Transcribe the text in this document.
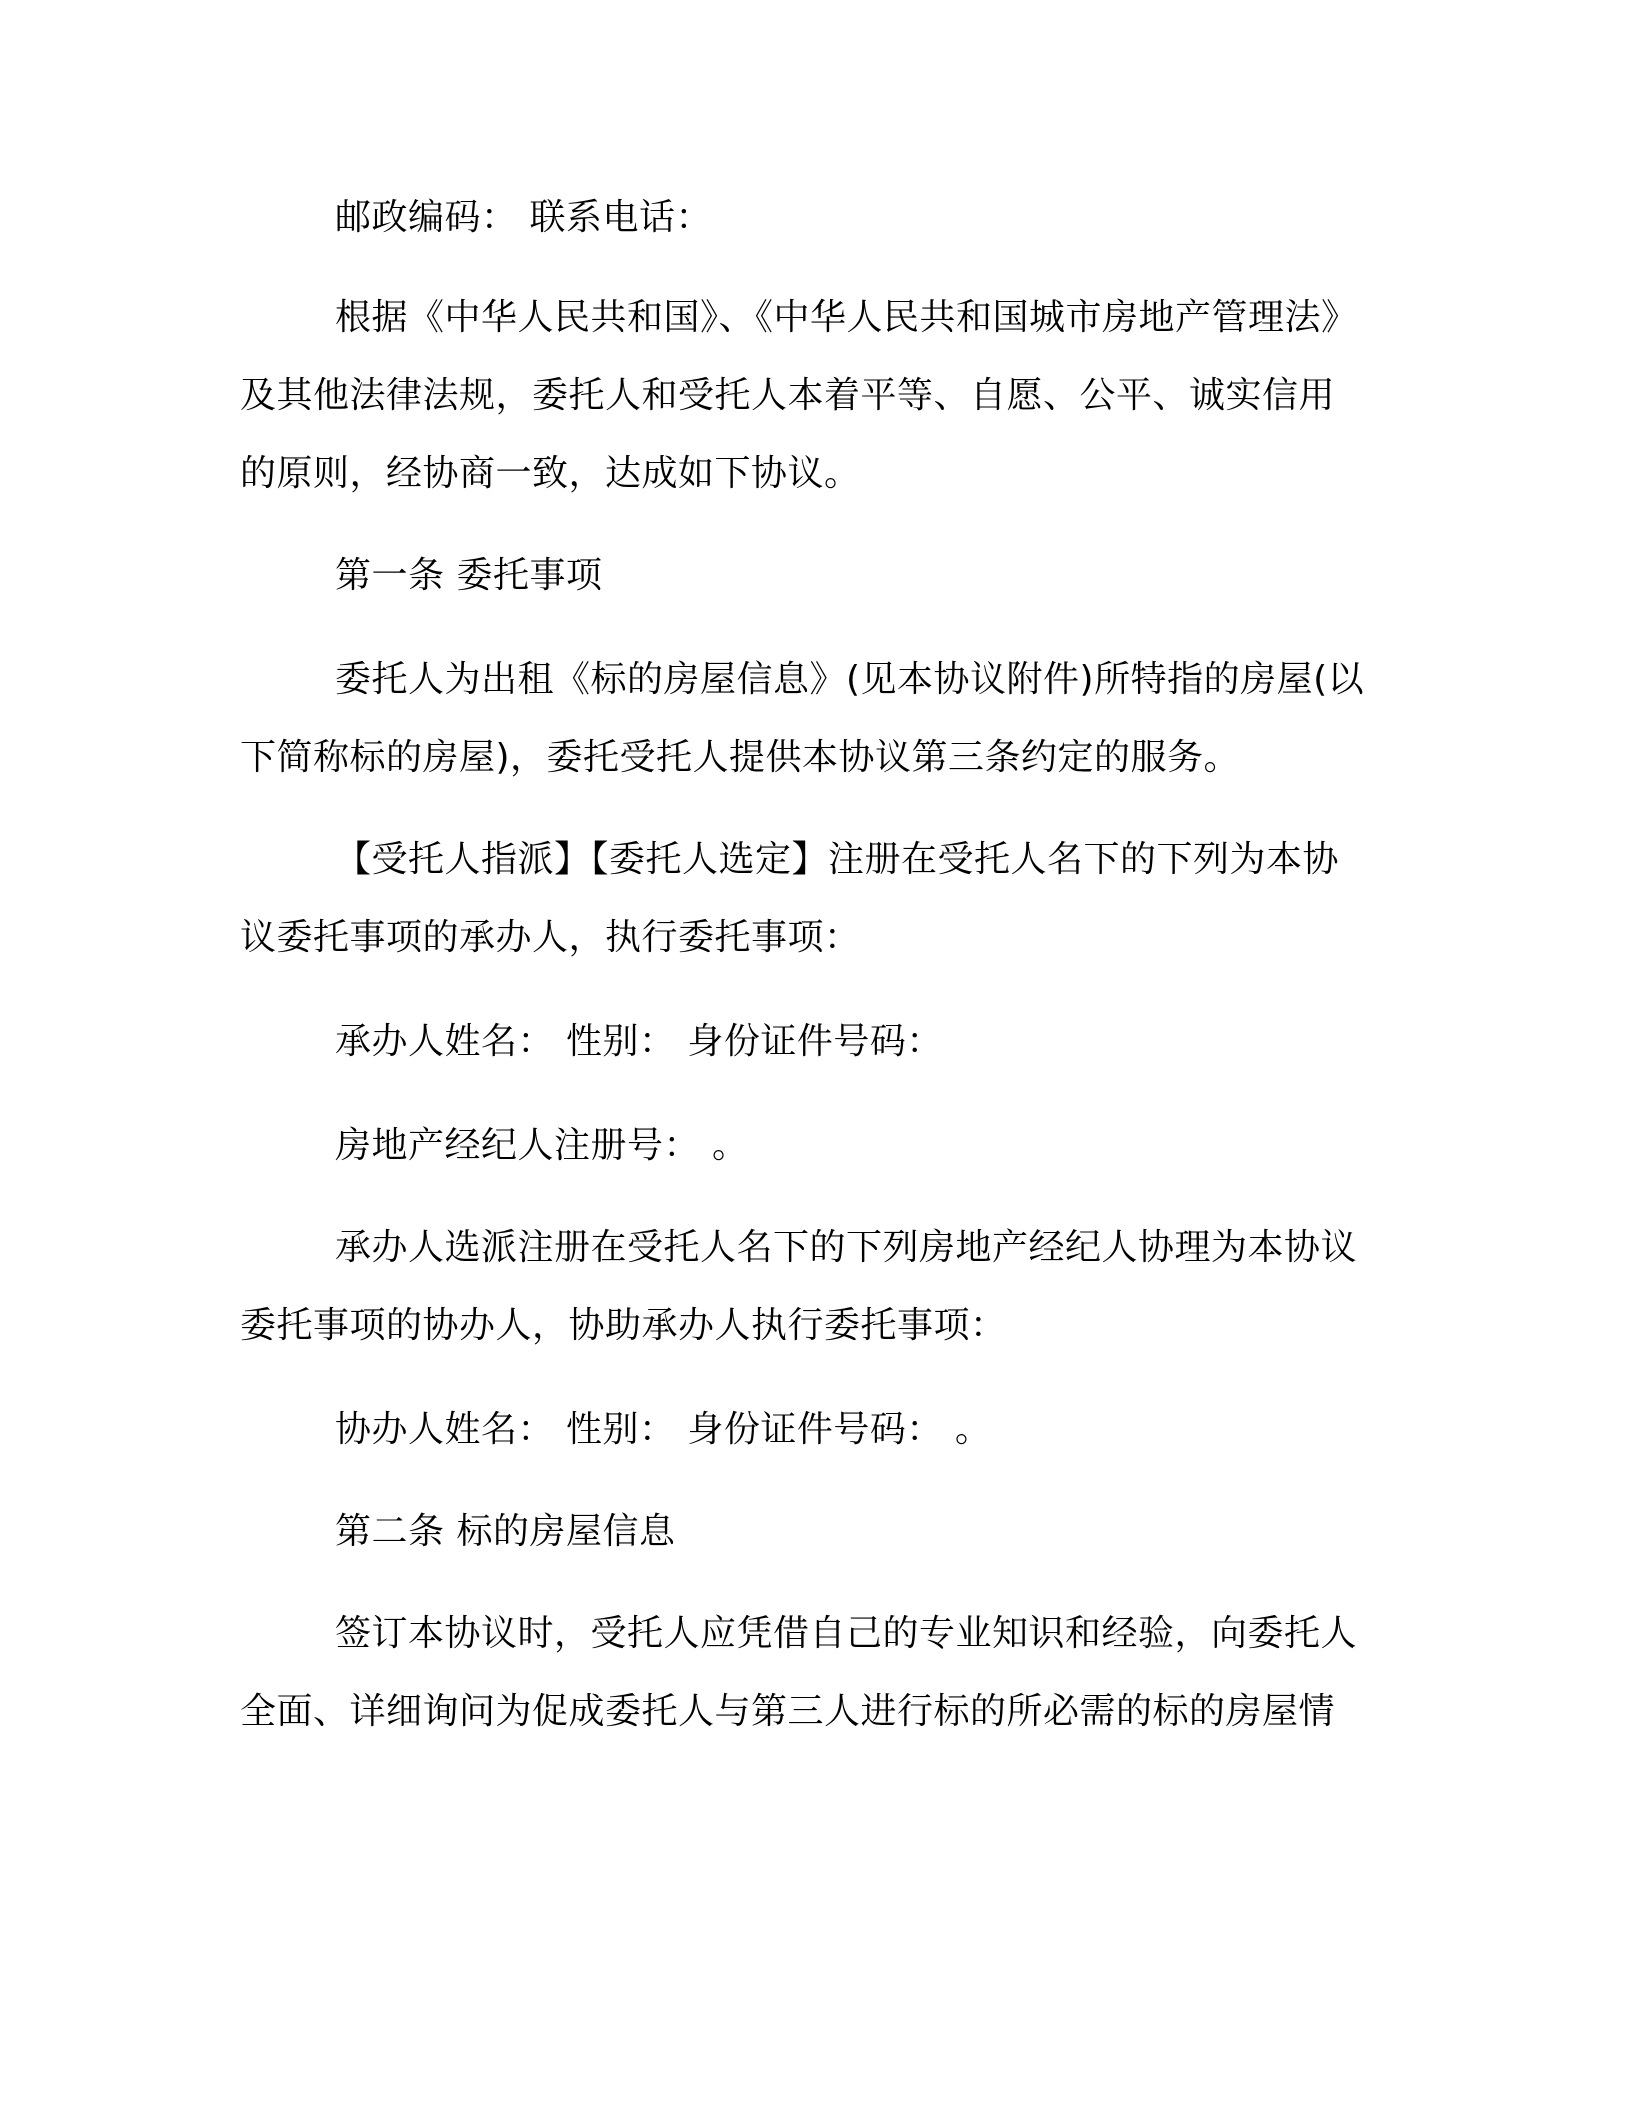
邮政编码： 联系电话：
根据《中华人民共和国》、《中华人民共和国城市房地产管理法》
及其他法律法规，委托人和受托人本着平等、自愿、公平、诚实信用
的原则，经协商一致，达成如下协议。
第一条 委托事项
委托人为出租《标的房屋信息》(见本协议附件)所特指的房屋(以
下简称标的房屋)，委托受托人提供本协议第三条约定的服务。
【受托人指派】【委托人选定】注册在受托人名下的下列为本协
议委托事项的承办人，执行委托事项：
承办人姓名： 性别： 身份证件号码：
房地产经纪人注册号： 。
承办人选派注册在受托人名下的下列房地产经纪人协理为本协议
委托事项的协办人，协助承办人执行委托事项：
协办人姓名： 性别： 身份证件号码： 。
第二条 标的房屋信息
签订本协议时，受托人应凭借自己的专业知识和经验，向委托人
全面、详细询问为促成委托人与第三人进行标的所必需的标的房屋情
